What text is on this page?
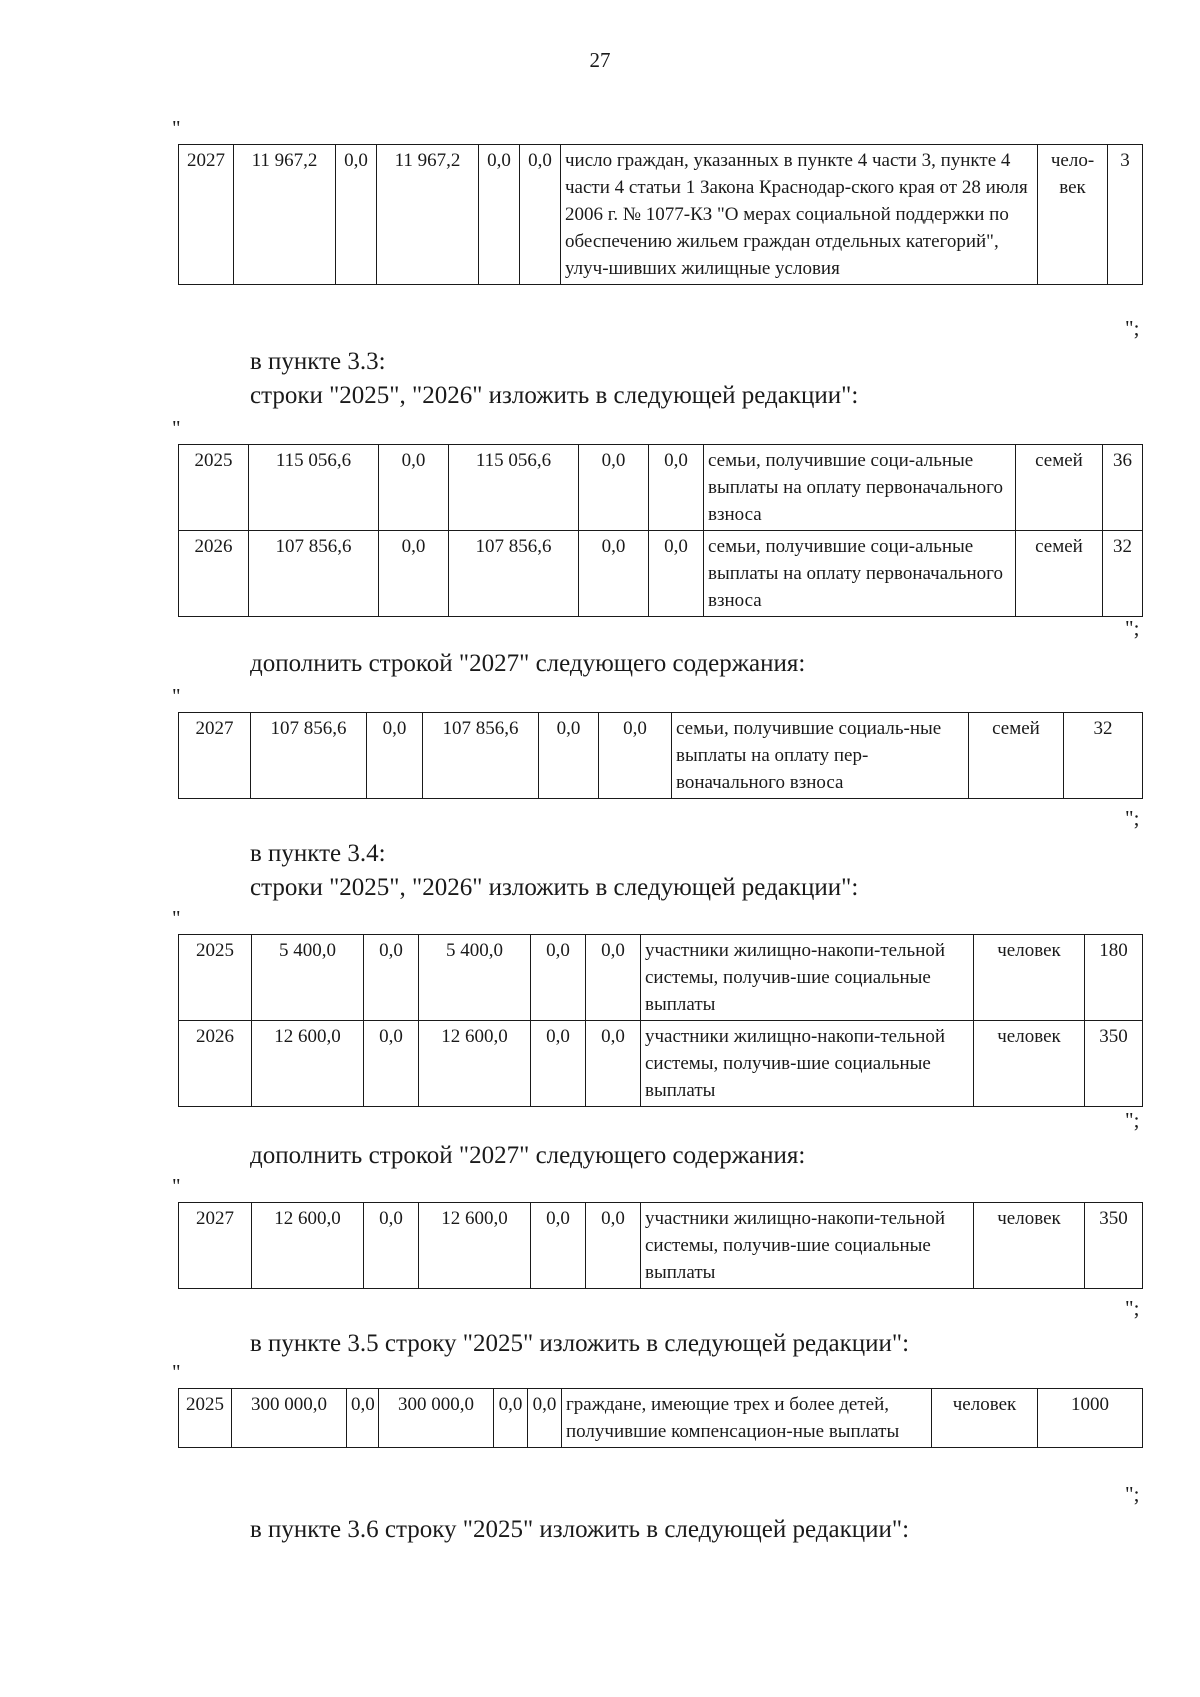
27
"
2027	11 967,2	0,0	11 967,2	0,0	0,0	число граждан, указанных в пункте 4 части 3, пункте 4 части 4 статьи 1 Закона Краснодар-ского края от 28 июля 2006 г. № 1077-КЗ "О мерах социальной поддержки по обеспечению жильем граждан отдельных категорий", улуч-шивших жилищные условия	чело-век	3
";
в пункте 3.3:
строки "2025", "2026" изложить в следующей редакции":
"
2025	115 056,6	0,0	115 056,6	0,0	0,0	семьи, получившие соци-альные выплаты на оплату первоначального взноса	семей	36
2026	107 856,6	0,0	107 856,6	0,0	0,0	семьи, получившие соци-альные выплаты на оплату первоначального взноса	семей	32
";
дополнить строкой "2027" следующего содержания:
"
2027	107 856,6	0,0	107 856,6	0,0	0,0	семьи, получившие социаль-ные выплаты на оплату пер-воначального взноса	семей	32
";
в пункте 3.4:
строки "2025", "2026" изложить в следующей редакции":
"
2025	5 400,0	0,0	5 400,0	0,0	0,0	участники жилищно-накопи-тельной системы, получив-шие социальные выплаты	человек	180
2026	12 600,0	0,0	12 600,0	0,0	0,0	участники жилищно-накопи-тельной системы, получив-шие социальные выплаты	человек	350
";
дополнить строкой "2027" следующего содержания:
"
2027	12 600,0	0,0	12 600,0	0,0	0,0	участники жилищно-накопи-тельной системы, получив-шие социальные выплаты	человек	350
";
в пункте 3.5 строку "2025" изложить в следующей редакции":
"
2025	300 000,0	0,0	300 000,0	0,0	0,0	граждане, имеющие трех и более детей, получившие компенсацион-ные выплаты	человек	1000
";
в пункте 3.6 строку "2025" изложить в следующей редакции":
